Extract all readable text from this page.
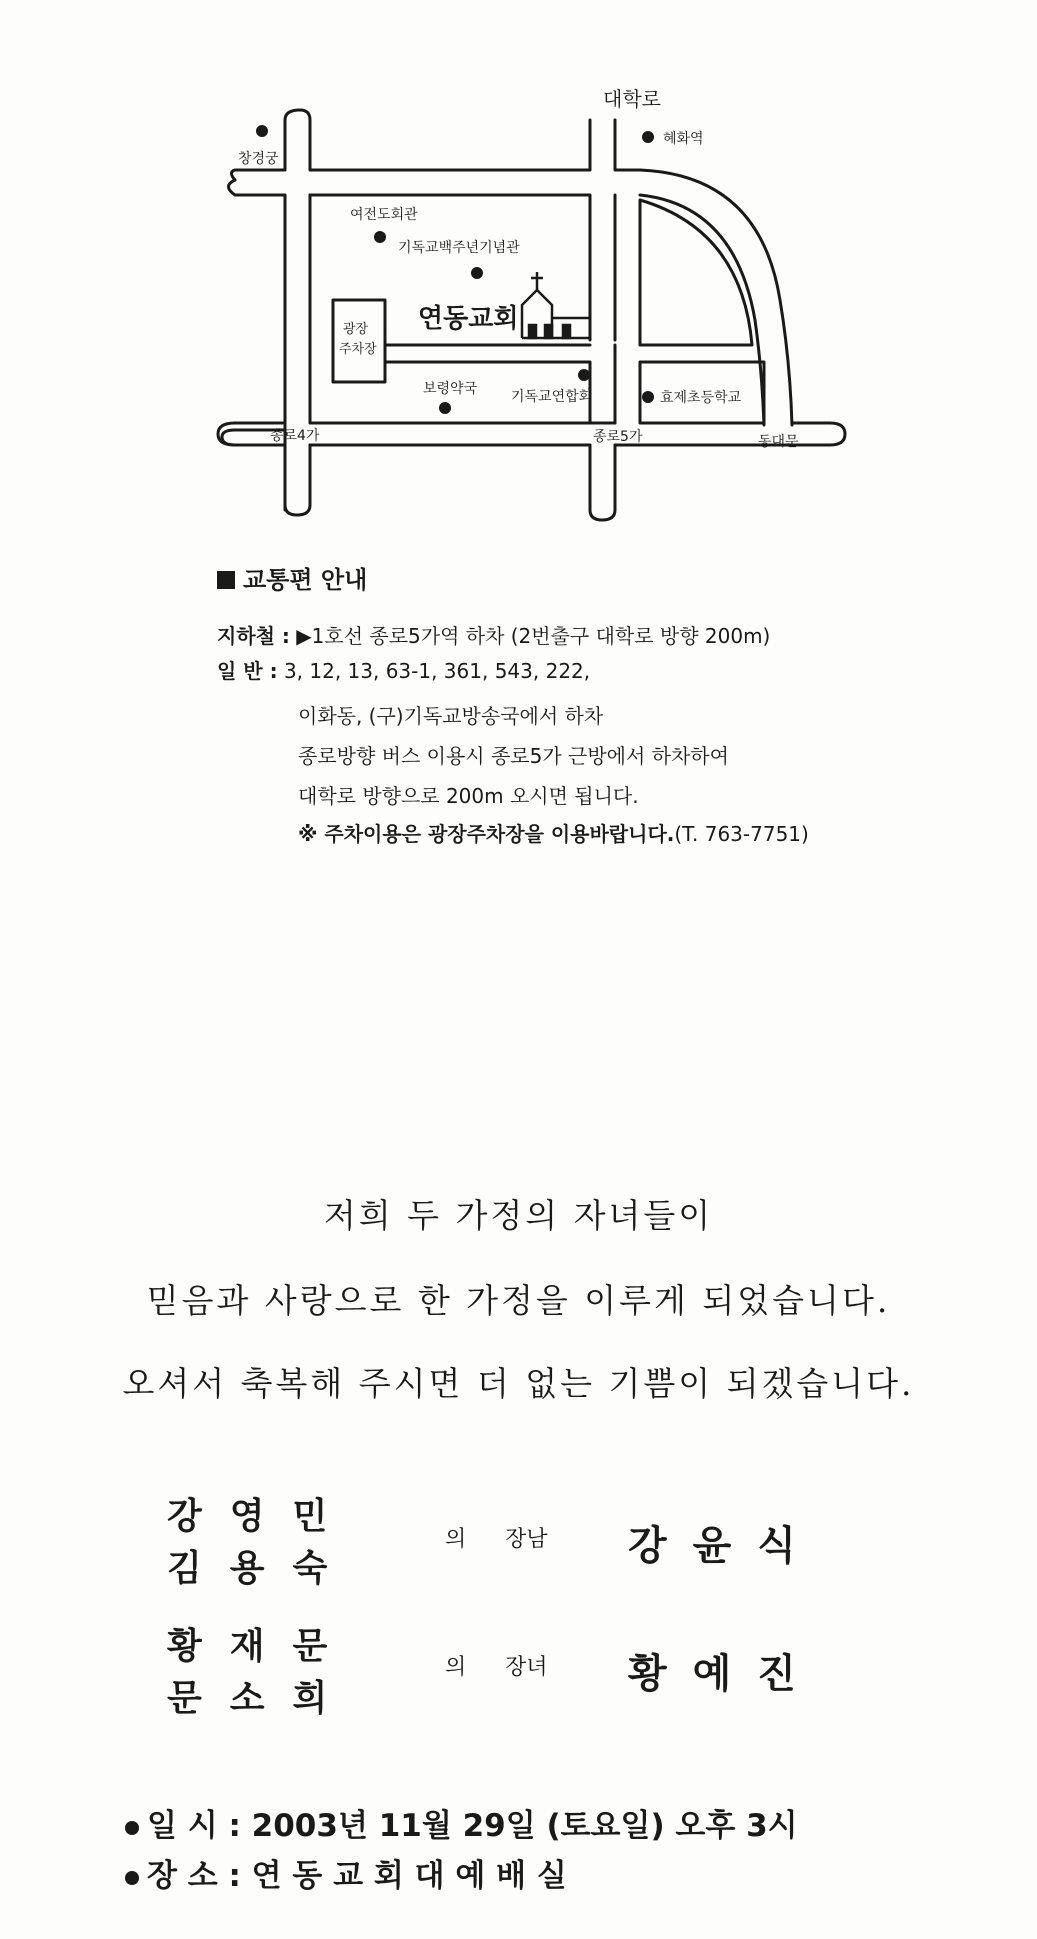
대학로
혜화역
창경궁
여전도회관
기독교백주년기념관
연동교회
광장
주차장
보령약국 기독교연합회	효제초등학교
종로4가	종로5가	동대문
교통편 안내
지하철 : ▶1호선 종로5가역 하차 (2번출구 대학로 방향 200m)
일 반 : 3, 12, 13, 63-1, 361, 543, 222,
이화동, (구)기독교방송국에서 하차
종로방향 버스 이용시 종로5가 근방에서 하차하여
대학로 방향으로 200m 오시면 됩니다.
※ 주차이용은 광장주차장을 이용바랍니다.(T. 763-7751)
저희 두 가정의 자녀들이
믿음과 사랑으로 한 가정을 이루게 되었습니다.
오셔서 축복해 주시면 더 없는 기쁨이 되겠습니다.
강영민
김용숙
의 장남 강윤식
황재문
문소희
의 장녀 황예진
일 시 : 2003년 11월 29일 (토요일) 오후 3시
장 소 : 연 동 교 회 대 예 배 실
